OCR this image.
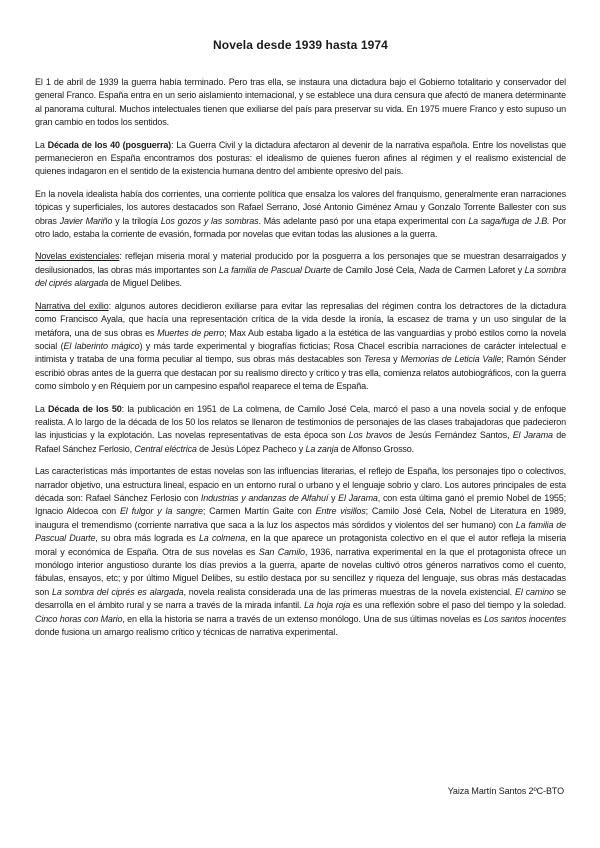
Novela desde 1939 hasta 1974

El 1 de abril de 1939 la guerra había terminado. Pero tras ella, se instaura una dictadura bajo el Gobierno totalitario y conservador del general Franco. España entra en un serio aislamiento internacional, y se establece una dura censura que afectó de manera determinante al panorama cultural. Muchos intelectuales tienen que exiliarse del país para preservar su vida. En 1975 muere Franco y esto supuso un gran cambio en todos los sentidos.

La Década de los 40 (posguerra): La Guerra Civil y la dictadura afectaron al devenir de la narrativa española. Entre los novelistas que permanecieron en España encontramos dos posturas: el idealismo de quienes fueron afines al régimen y el realismo existencial de quienes indagaron en el sentido de la existencia humana dentro del ambiente opresivo del país.

En la novela idealista había dos corrientes, una corriente política que ensalza los valores del franquismo, generalmente eran narraciones tópicas y superficiales, los autores destacados son Rafael Serrano, José Antonio Giménez Arnau y Gonzalo Torrente Ballester con sus obras Javier Mariño y la trilogía Los gozos y las sombras. Más adelante pasó por una etapa experimental con La saga/fuga de J.B. Por otro lado, estaba la corriente de evasión, formada por novelas que evitan todas las alusiones a la guerra.

Novelas existenciales: reflejan miseria moral y material producido por la posguerra a los personajes que se muestran desarraigados y desilusionados, las obras más importantes son La familia de Pascual Duarte de Camilo José Cela, Nada de Carmen Laforet y La sombra del ciprés alargada de Miguel Delibes.

Narrativa del exilio: algunos autores decidieron exiliarse para evitar las represalias del régimen contra los detractores de la dictadura como Francisco Ayala, que hacía una representación crítica de la vida desde la ironía, la escasez de trama y un uso singular de la metáfora, una de sus obras es Muertes de perro; Max Aub estaba ligado a la estética de las vanguardias y probó estilos como la novela social (El laberinto mágico) y más tarde experimental y biografías ficticias; Rosa Chacel escribía narraciones de carácter intelectual e intimista y trataba de una forma peculiar al tiempo, sus obras más destacables son Teresa y Memorias de Leticia Valle; Ramón Sénder escribió obras antes de la guerra que destacan por su realismo directo y crítico y tras ella, comienza relatos autobiográficos, con la guerra como símbolo y en Réquiem por un campesino español reaparece el tema de España.

La Década de los 50: la publicación en 1951 de La colmena, de Camilo José Cela, marcó el paso a una novela social y de enfoque realista. A lo largo de la década de los 50 los relatos se llenaron de testimonios de personajes de las clases trabajadoras que padecieron las injusticias y la explotación. Las novelas representativas de esta época son Los bravos de Jesús Fernández Santos, El Jarama de Rafael Sánchez Ferlosio, Central eléctrica de Jesús López Pacheco y La zanja de Alfonso Grosso.

Las características más importantes de estas novelas son las influencias literarias, el reflejo de España, los personajes tipo o colectivos, narrador objetivo, una estructura lineal, espacio en un entorno rural o urbano y el lenguaje sobrio y claro. Los autores principales de esta década son: Rafael Sánchez Ferlosio con Industrias y andanzas de Alfahuí y El Jarama, con esta última ganó el premio Nobel de 1955; Ignacio Aldecoa con El fulgor y la sangre; Carmen Martín Gaite con Entre visillos; Camilo José Cela, Nobel de Literatura en 1989, inaugura el tremendismo (corriente narrativa que saca a la luz los aspectos más sórdidos y violentos del ser humano) con La familia de Pascual Duarte, su obra más lograda es La colmena, en la que aparece un protagonista colectivo en el que el autor refleja la miseria moral y económica de España. Otra de sus novelas es San Camilo, 1936, narrativa experimental en la que el protagonista ofrece un monólogo interior angustioso durante los días previos a la guerra, aparte de novelas cultivó otros géneros narrativos como el cuento, fábulas, ensayos, etc; y por último Miguel Delibes, su estilo destaca por su sencillez y riqueza del lenguaje, sus obras más destacadas son La sombra del ciprés es alargada, novela realista considerada una de las primeras muestras de la novela existencial. El camino se desarrolla en el ámbito rural y se narra a través de la mirada infantil. La hoja roja es una reflexión sobre el paso del tiempo y la soledad. Cinco horas con Mario, en ella la historia se narra a través de un extenso monólogo. Una de sus últimas novelas es Los santos inocentes donde fusiona un amargo realismo crítico y técnicas de narrativa experimental.

Yaiza Martín Santos 2ºC-BTO
